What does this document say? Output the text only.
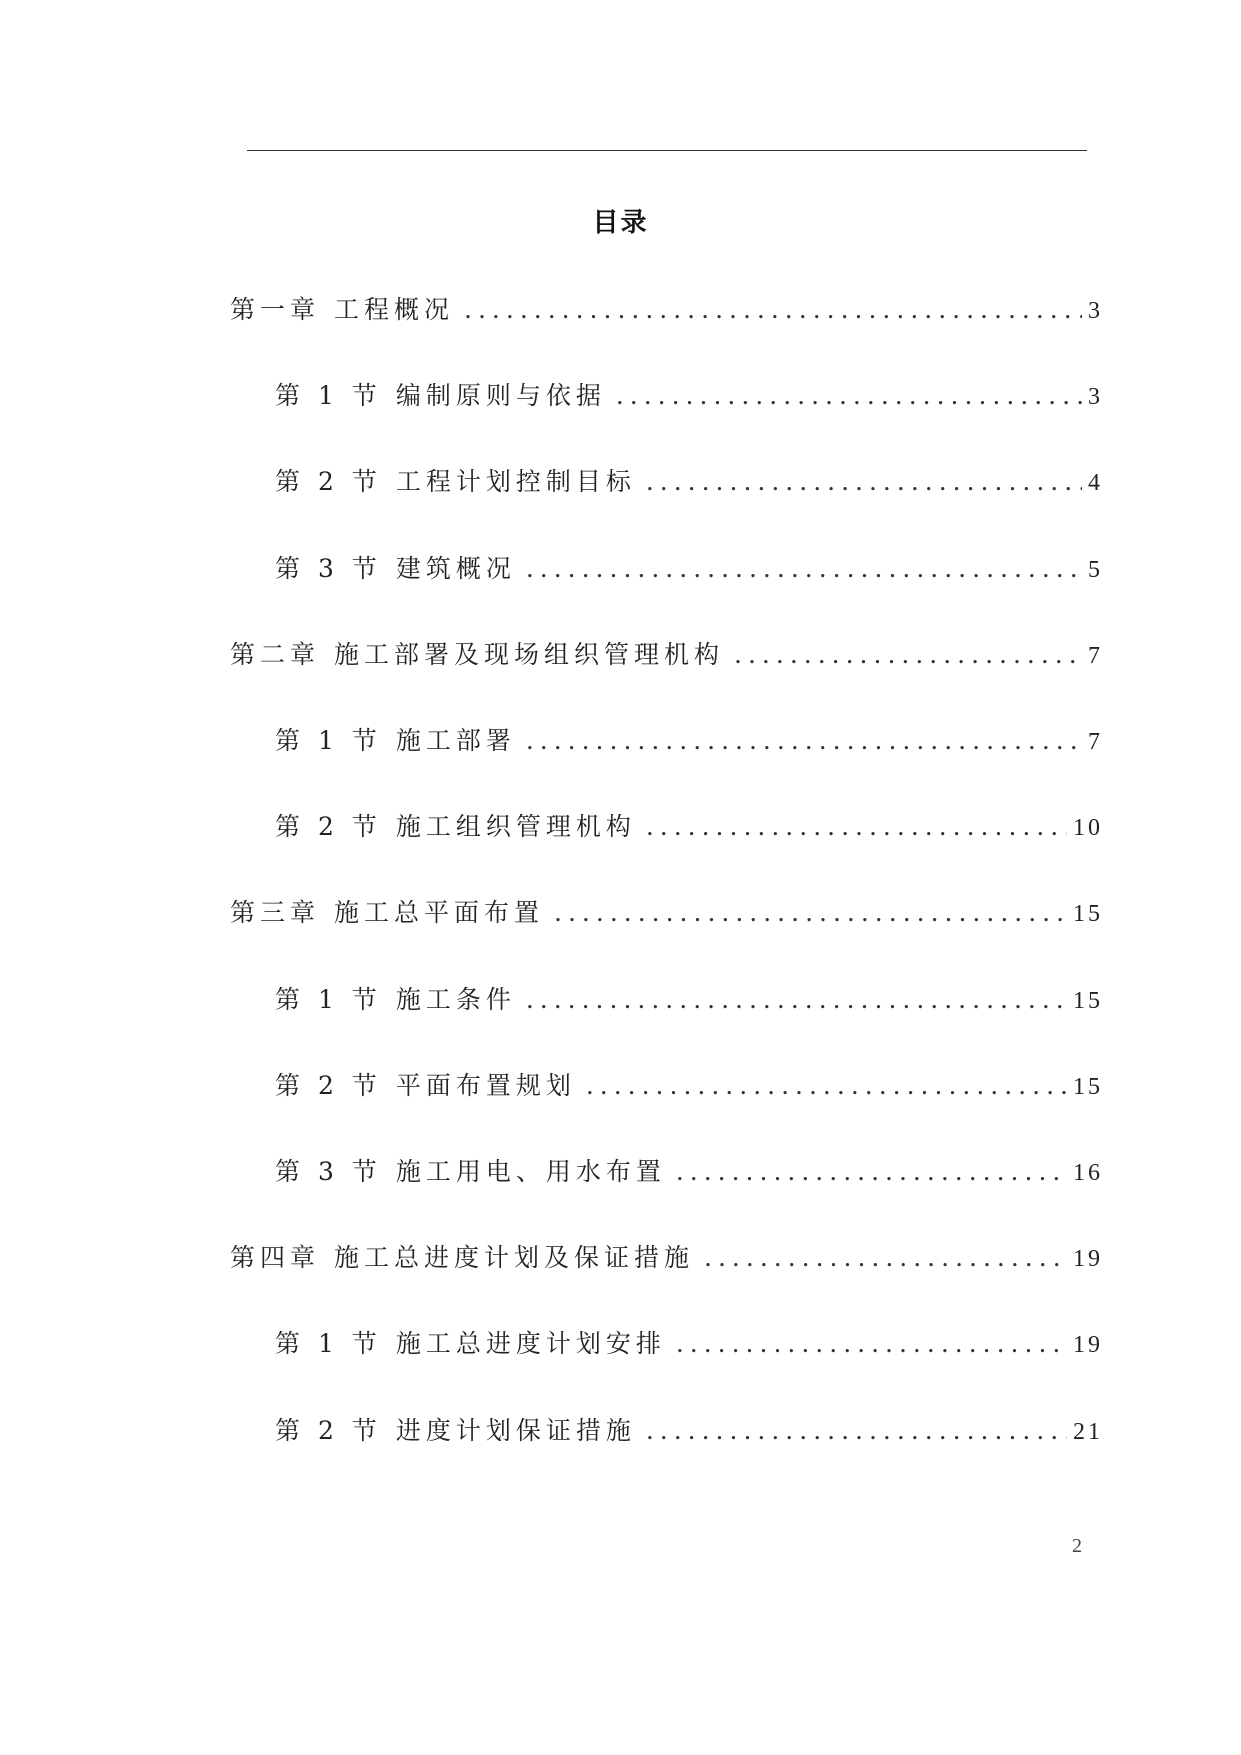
目录
第一章 工程概况 .....	3
第 1 节 编制原则与依据 .....	3
第 2 节 工程计划控制目标 .....	4
第 3 节 建筑概况 .....	5
第二章 施工部署及现场组织管理机构 .....	7
第 1 节 施工部署 .....	7
第 2 节 施工组织管理机构 .....	10
第三章 施工总平面布置 .....	15
第 1 节 施工条件 .....	15
第 2 节 平面布置规划 .....	15
第 3 节 施工用电、用水布置 .....	16
第四章 施工总进度计划及保证措施 .....	19
第 1 节 施工总进度计划安排 .....	19
第 2 节 进度计划保证措施 .....	21
2
